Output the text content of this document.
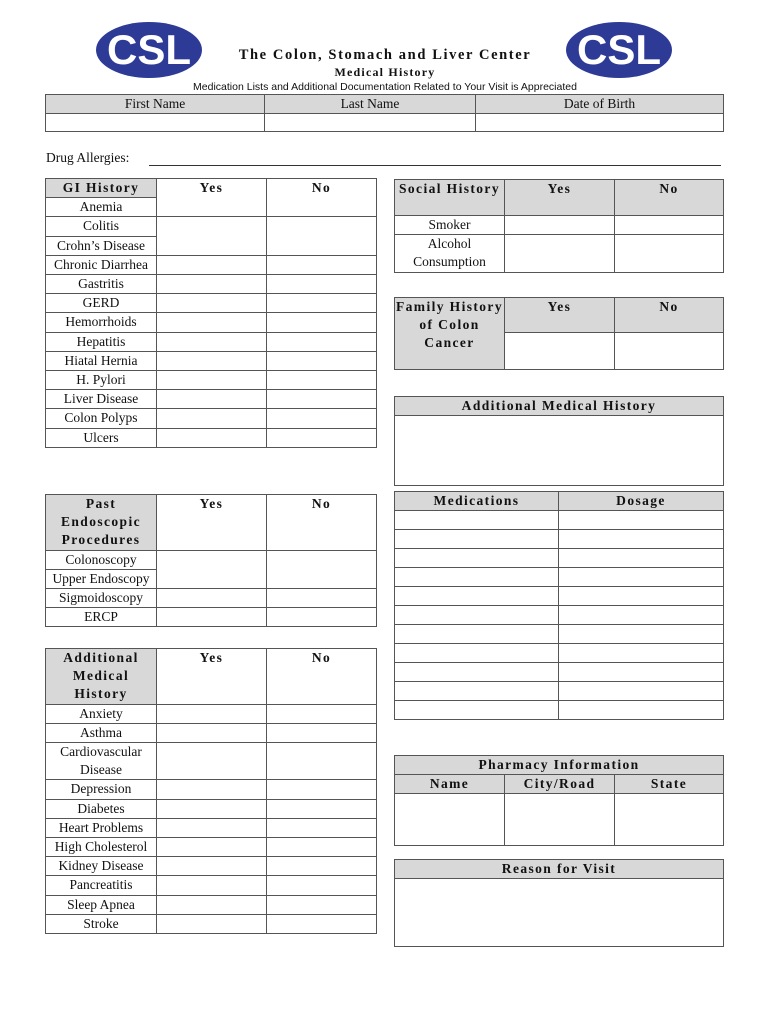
CSL	CSL
The Colon, Stomach and Liver Center
Medical History
Medication Lists and Additional Documentation Related to Your Visit is Appreciated
First Name	Last Name	Date of Birth

Drug Allergies:
GI History	Yes	No
Anemia		
Colitis		
Crohn’s Disease		
Chronic Diarrhea		
Gastritis		
GERD		
Hemorrhoids		
Hepatitis		
Hiatal Hernia		
H. Pylori		
Liver Disease		
Colon Polyps		
Ulcers		
Past Endoscopic Procedures	Yes	No
Colonoscopy		
Upper Endoscopy		
Sigmoidoscopy		
ERCP		
Additional Medical History	Yes	No
Anxiety		
Asthma		
Cardiovascular Disease		
Depression		
Diabetes		
Heart Problems		
High Cholesterol		
Kidney Disease		
Pancreatitis		
Sleep Apnea		
Stroke		
Social History	Yes	No
Smoker		
Alcohol Consumption		
Family History of Colon Cancer	Yes	No

Additional Medical History

Medications	Dosage

Pharmacy Information		
Name	City/Road	State

Reason for Visit
